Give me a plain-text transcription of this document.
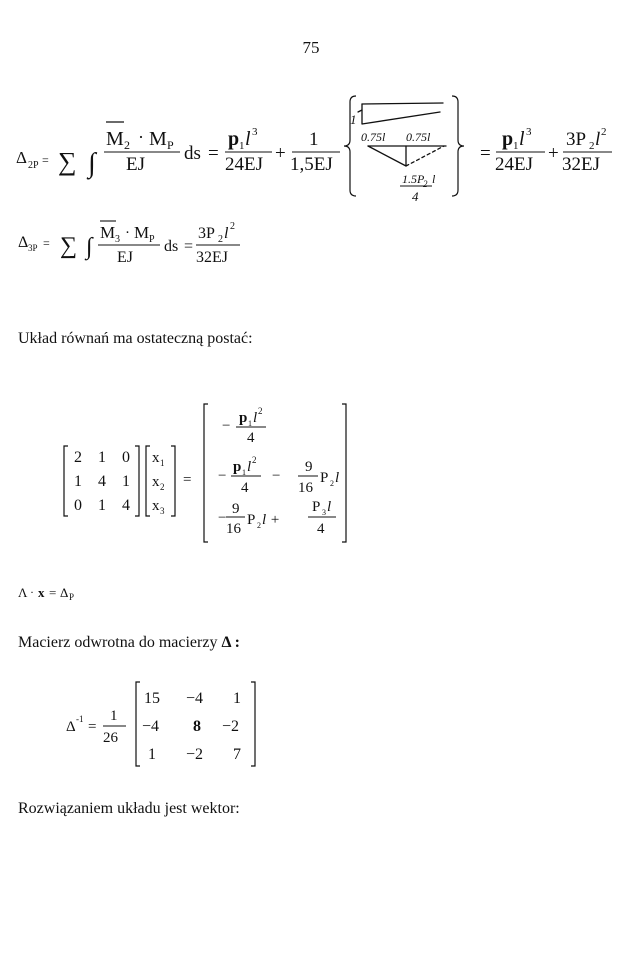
75
Δ 2P = ∑ ∫
M 2 · M P
EJ
ds =
p 1 l 3
24EJ
+
1
1,5EJ
=
p 1 l 3
24EJ
+
3P 2 l 2
32EJ
1
0.75l 0.75l
1.5P
2 l
4
Δ 3P = ∑ ∫
M 3 · M P
EJ
ds =
3P 2 l 2
32EJ
Układ równań ma ostateczną postać:
2 1 0
1 4 1
0 1 4
x 1
x 2
x 3
=
− p 1 l 2
4
−
p 1 l 2
4
−
9
16
P 2 l
−
9
16
P 2 l +
P 3 l
4
Λ · x = Δ P
Macierz odwrotna do macierzy Δ :
Δ -1 =
1
26
15 −4 1
−4 8 −2
1 −2 7
Rozwiązaniem układu jest wektor:
